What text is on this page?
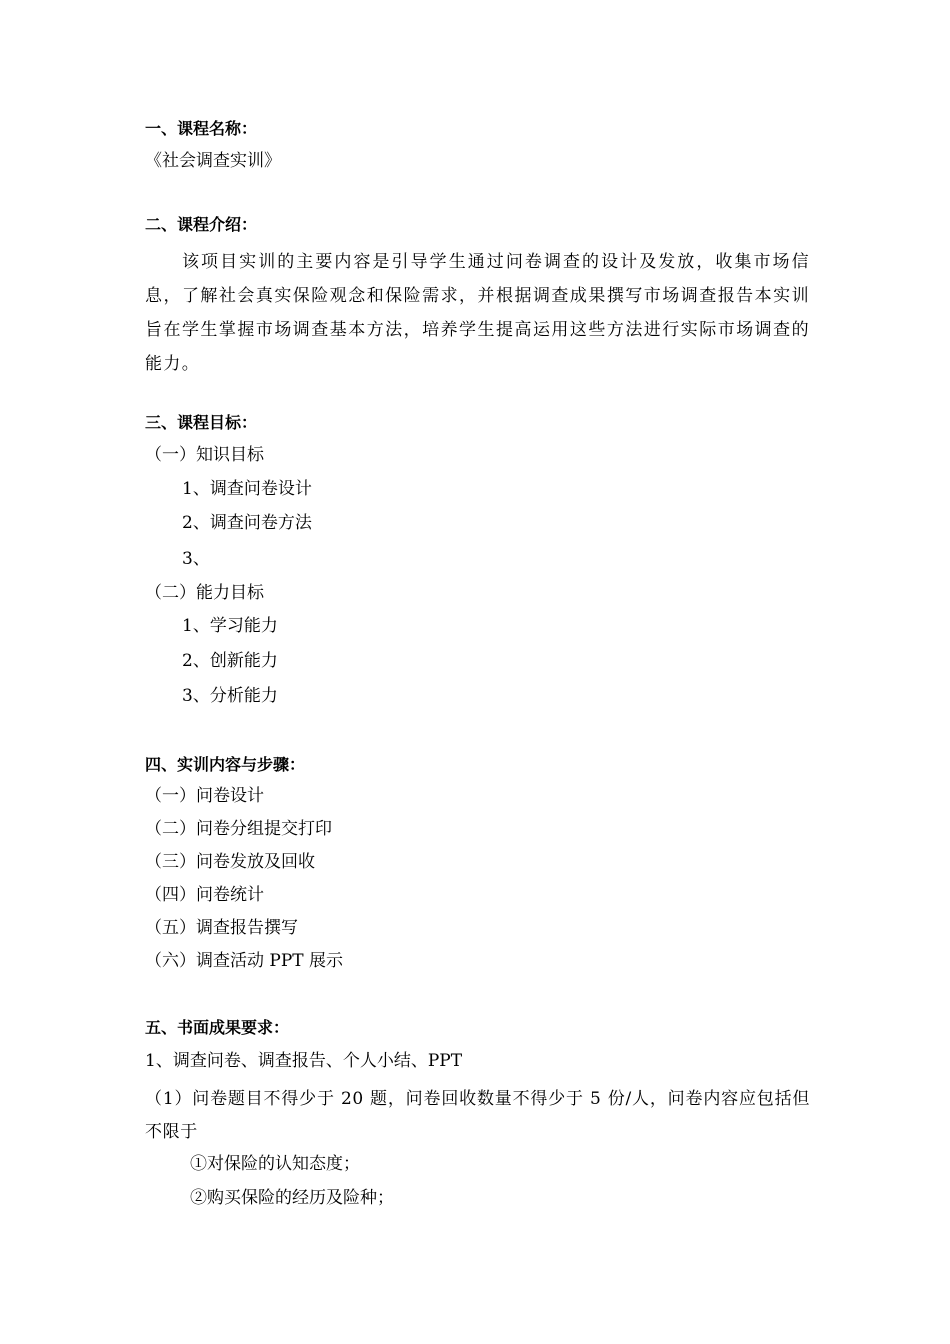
一、课程名称：
《社会调查实训》
二、课程介绍：
该项目实训的主要内容是引导学生通过问卷调查的设计及发放，收集市场信息，了解社会真实保险观念和保险需求，并根据调查成果撰写市场调查报告本实训旨在学生掌握市场调查基本方法，培养学生提高运用这些方法进行实际市场调查的能力。
三、课程目标：
（一）知识目标
1、调查问卷设计
2、调查问卷方法
3、
（二）能力目标
1、学习能力
2、创新能力
3、分析能力
四、实训内容与步骤：
（一）问卷设计
（二）问卷分组提交打印
（三）问卷发放及回收
（四）问卷统计
（五）调查报告撰写
（六）调查活动 PPT 展示
五、书面成果要求：
1、调查问卷、调查报告、个人小结、PPT
（1）问卷题目不得少于 20 题，问卷回收数量不得少于 5 份/人，问卷内容应包括但不限于
①对保险的认知态度；
②购买保险的经历及险种；
